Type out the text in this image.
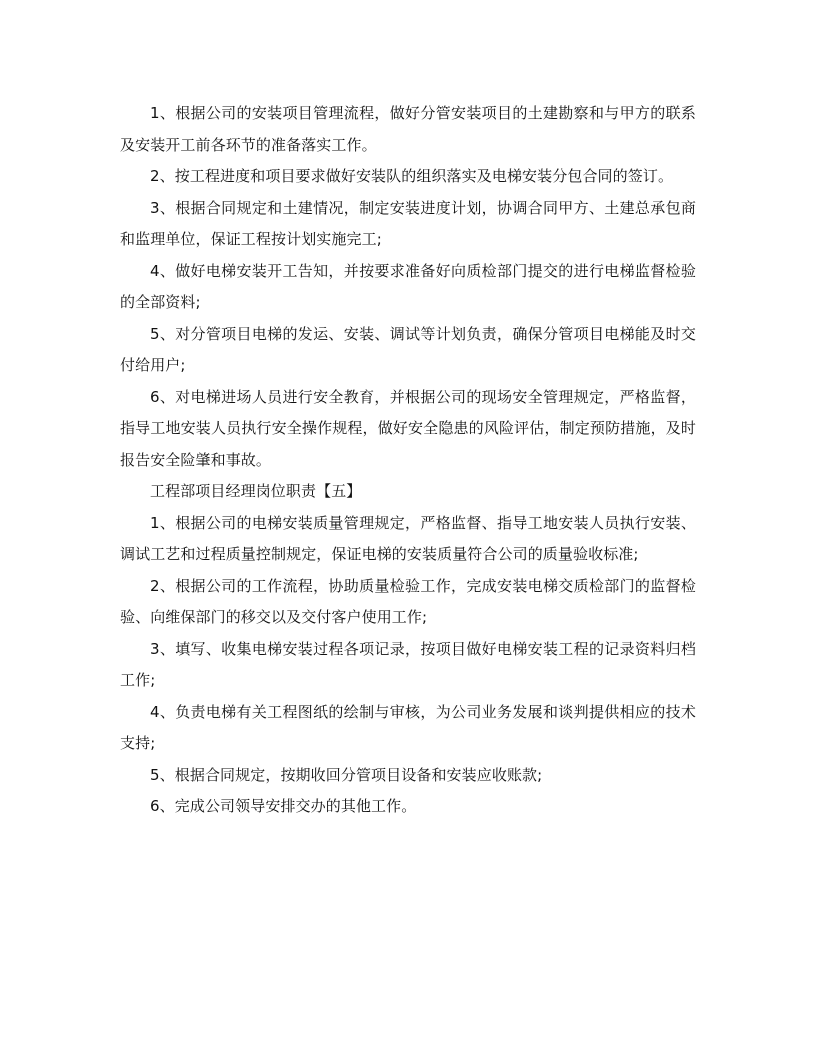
1、根据公司的安装项目管理流程，做好分管安装项目的土建勘察和与甲方的联系及安装开工前各环节的准备落实工作。

2、按工程进度和项目要求做好安装队的组织落实及电梯安装分包合同的签订。

3、根据合同规定和土建情况，制定安装进度计划，协调合同甲方、土建总承包商和监理单位，保证工程按计划实施完工;

4、做好电梯安装开工告知，并按要求准备好向质检部门提交的进行电梯监督检验的全部资料;

5、对分管项目电梯的发运、安装、调试等计划负责，确保分管项目电梯能及时交付给用户;

6、对电梯进场人员进行安全教育，并根据公司的现场安全管理规定，严格监督，指导工地安装人员执行安全操作规程，做好安全隐患的风险评估，制定预防措施，及时报告安全险肇和事故。

工程部项目经理岗位职责【五】

1、根据公司的电梯安装质量管理规定，严格监督、指导工地安装人员执行安装、调试工艺和过程质量控制规定，保证电梯的安装质量符合公司的质量验收标准;

2、根据公司的工作流程，协助质量检验工作，完成安装电梯交质检部门的监督检验、向维保部门的移交以及交付客户使用工作;

3、填写、收集电梯安装过程各项记录，按项目做好电梯安装工程的记录资料归档工作;

4、负责电梯有关工程图纸的绘制与审核，为公司业务发展和谈判提供相应的技术支持;

5、根据合同规定，按期收回分管项目设备和安装应收账款;

6、完成公司领导安排交办的其他工作。
